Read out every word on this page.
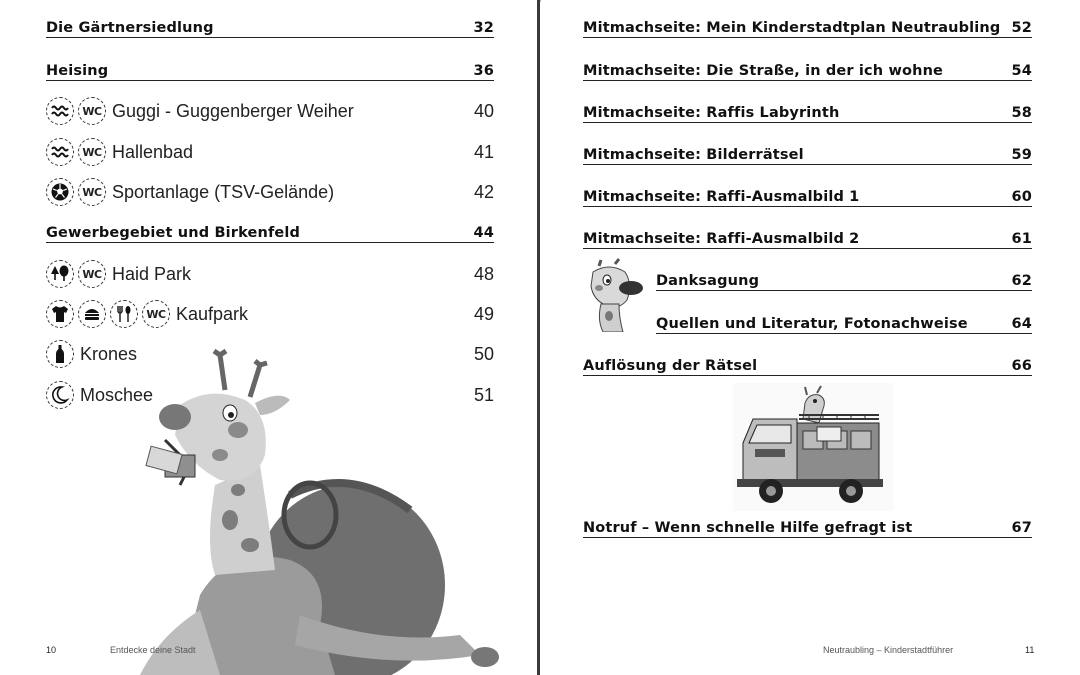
Die Gärtnersiedlung	32
Heising	36
WC Guggi - Guggenberger Weiher	40
WC Hallenbad	41
WC Sportanlage (TSV-Gelände)	42
Gewerbegebiet und Birkenfeld	44
WC Haid Park	48
WC Kaufpark	49
Krones	50
Moschee	51
10	Entdecke deine Stadt
Mitmachseite: Mein Kinderstadtplan Neutraubling 52
Mitmachseite: Die Straße, in der ich wohne	54
Mitmachseite: Raffis Labyrinth	58
Mitmachseite: Bilderrätsel	59
Mitmachseite: Raffi-Ausmalbild 1	60
Mitmachseite: Raffi-Ausmalbild 2	61
Danksagung	62
Quellen und Literatur, Fotonachweise	64
Auflösung der Rätsel	66
Notruf – Wenn schnelle Hilfe gefragt ist	67
Neutraubling – Kinderstadtführer	11
